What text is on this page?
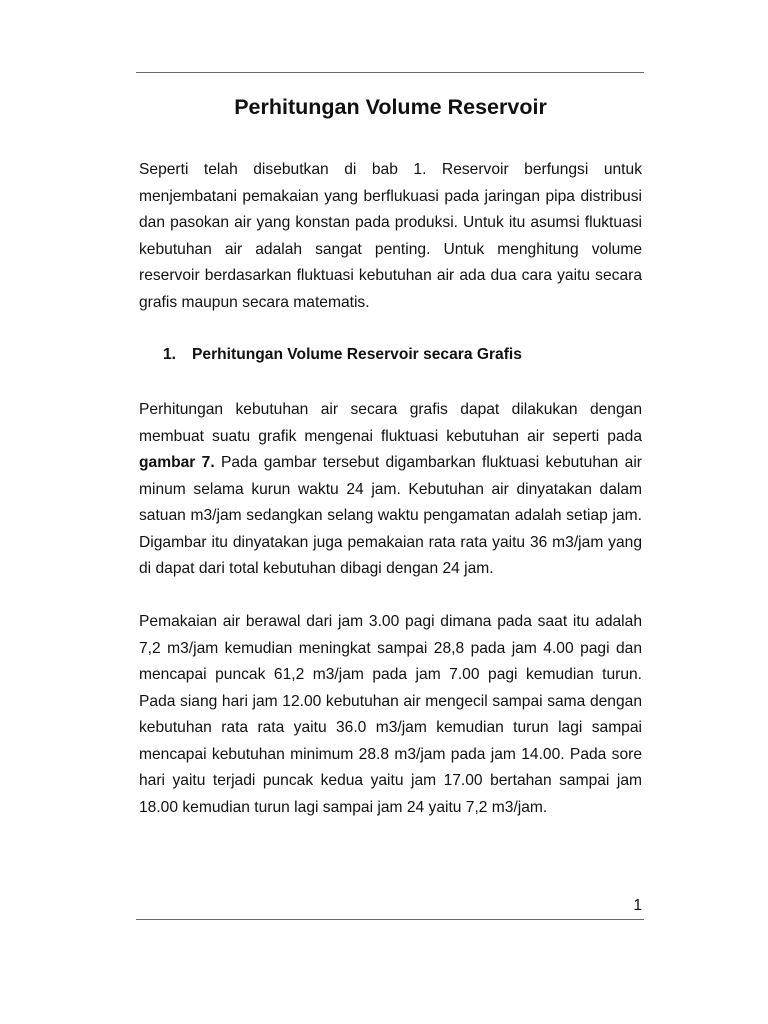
Perhitungan Volume Reservoir

Seperti telah disebutkan di bab 1. Reservoir berfungsi untuk menjembatani pemakaian yang berflukuasi pada jaringan pipa distribusi dan pasokan air yang konstan pada produksi. Untuk itu asumsi fluktuasi kebutuhan air adalah sangat penting. Untuk menghitung volume reservoir berdasarkan fluktuasi kebutuhan air ada dua cara yaitu secara grafis maupun secara matematis.

1. Perhitungan Volume Reservoir secara Grafis

Perhitungan kebutuhan air secara grafis dapat dilakukan dengan membuat suatu grafik mengenai fluktuasi kebutuhan air seperti pada gambar 7. Pada gambar tersebut digambarkan fluktuasi kebutuhan air minum selama kurun waktu 24 jam. Kebutuhan air dinyatakan dalam satuan m3/jam sedangkan selang waktu pengamatan adalah setiap jam. Digambar itu dinyatakan juga pemakaian rata rata yaitu 36 m3/jam yang di dapat dari total kebutuhan dibagi dengan 24 jam.

Pemakaian air berawal dari jam 3.00 pagi dimana pada saat itu adalah 7,2 m3/jam kemudian meningkat sampai 28,8 pada jam 4.00 pagi dan mencapai puncak 61,2 m3/jam pada jam 7.00 pagi kemudian turun. Pada siang hari jam 12.00 kebutuhan air mengecil sampai sama dengan kebutuhan rata rata yaitu 36.0 m3/jam kemudian turun lagi sampai mencapai kebutuhan minimum 28.8 m3/jam pada jam 14.00. Pada sore hari yaitu terjadi puncak kedua yaitu jam 17.00 bertahan sampai jam 18.00 kemudian turun lagi sampai jam 24 yaitu 7,2 m3/jam.

1
